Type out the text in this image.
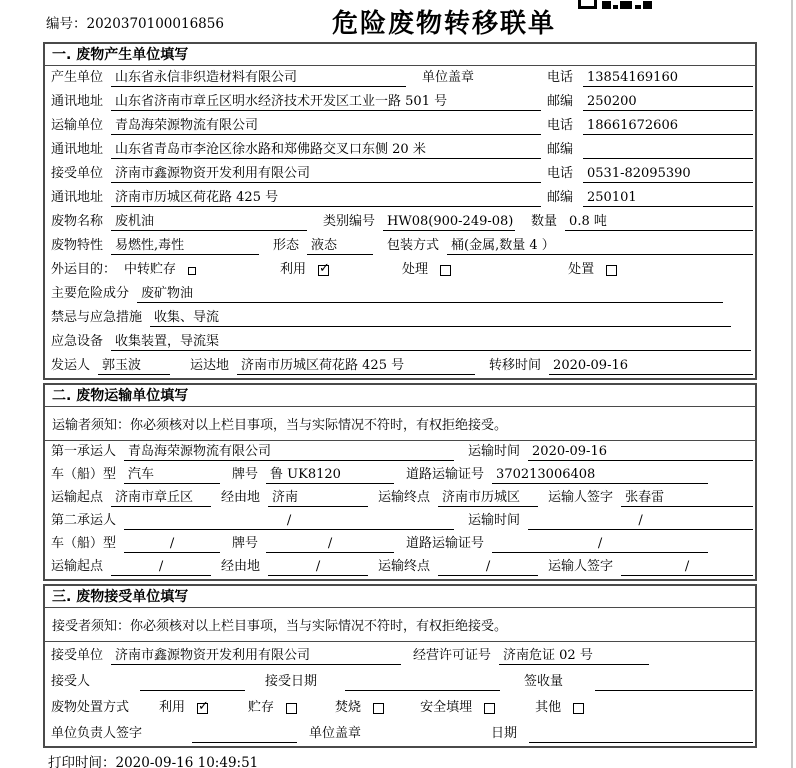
编号：2020370100016856	危险废物转移联单
一. 废物产生单位填写
产生单位 山东省永信非织造材料有限公司	单位盖章	电话	13854169160
通讯地址 山东省济南市章丘区明水经济技术开发区工业一路 501 号	邮编	250200
运输单位 青岛海荣源物流有限公司	电话	18661672606
通讯地址 山东省青岛市李沧区徐水路和郑佛路交叉口东侧 20 米	邮编
接受单位 济南市鑫源物资开发利用有限公司	电话	0531-82095390
通讯地址 济南市历城区荷花路 425 号	邮编	250101
废物名称 废机油	类别编号 HW08(900-249-08) 数量 0.8 吨
废物特性 易燃性,毒性	形态 液态	包装方式 桶(金属,数量 4 ）
外运目的： 中转贮存	利用 ✓	处理	处置
主要危险成分 废矿物油
禁忌与应急措施 收集、导流
应急设备 收集装置，导流渠
发运人 郭玉波	运达地 济南市历城区荷花路 425 号	转移时间 2020-09-16
二. 废物运输单位填写
运输者须知：你必须核对以上栏目事项，当与实际情况不符时，有权拒绝接受。
第一承运人 青岛海荣源物流有限公司	运输时间 2020-09-16
车（船）型 汽车	牌号 鲁 UK8120	道路运输证号 370213006408
运输起点 济南市章丘区	经由地 济南	运输终点 济南市历城区	运输人签字 张春雷
第二承运人	/	运输时间	/
车（船）型	/	牌号	/	道路运输证号	/
运输起点	/	经由地	/	运输终点	/	运输人签字	/
三. 废物接受单位填写
接受者须知：你必须核对以上栏目事项，当与实际情况不符时，有权拒绝接受。
接受单位 济南市鑫源物资开发利用有限公司	经营许可证号 济南危证 02 号
接受人	接受日期	签收量
废物处置方式 利用 ✓	贮存	焚烧	安全填埋	其他
单位负责人签字	单位盖章	日期
打印时间：2020-09-16 10:49:51
